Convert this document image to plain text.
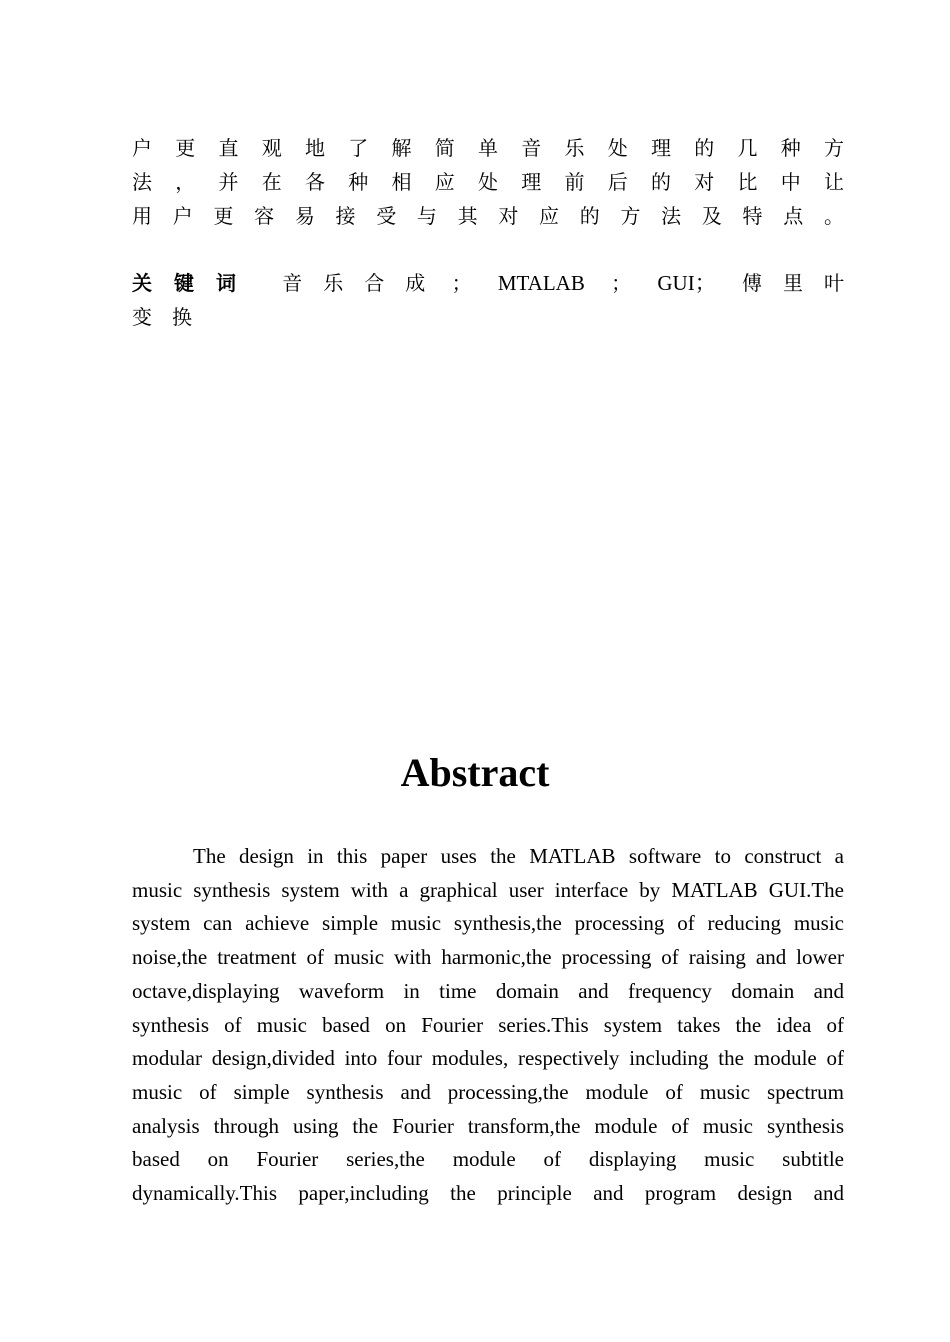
户 更 直 观 地 了 解 简 单 音 乐 处 理 的 几 种 方
法 ， 并 在 各 种 相 应 处 理 前 后 的 对 比 中 让
用 户 更 容 易 接 受 与 其 对 应 的 方 法 及 特 点 。
关 键 词 音 乐 合 成 ； MTALAB ； GUI； 傅 里 叶
变 换
Abstract
The design in this paper uses the MATLAB software to construct a
music synthesis system with a graphical user interface by MATLAB GUI.The
system can achieve simple music synthesis,the processing of reducing music
noise,the treatment of music with harmonic,the processing of raising and lower
octave,displaying waveform in time domain and frequency domain and
synthesis of music based on Fourier series.This system takes the idea of
modular design,divided into four modules, respectively including the module of
music of simple synthesis and processing,the module of music spectrum
analysis through using the Fourier transform,the module of music synthesis
based on Fourier series,the module of displaying music subtitle
dynamically.This paper,including the principle and program design and
